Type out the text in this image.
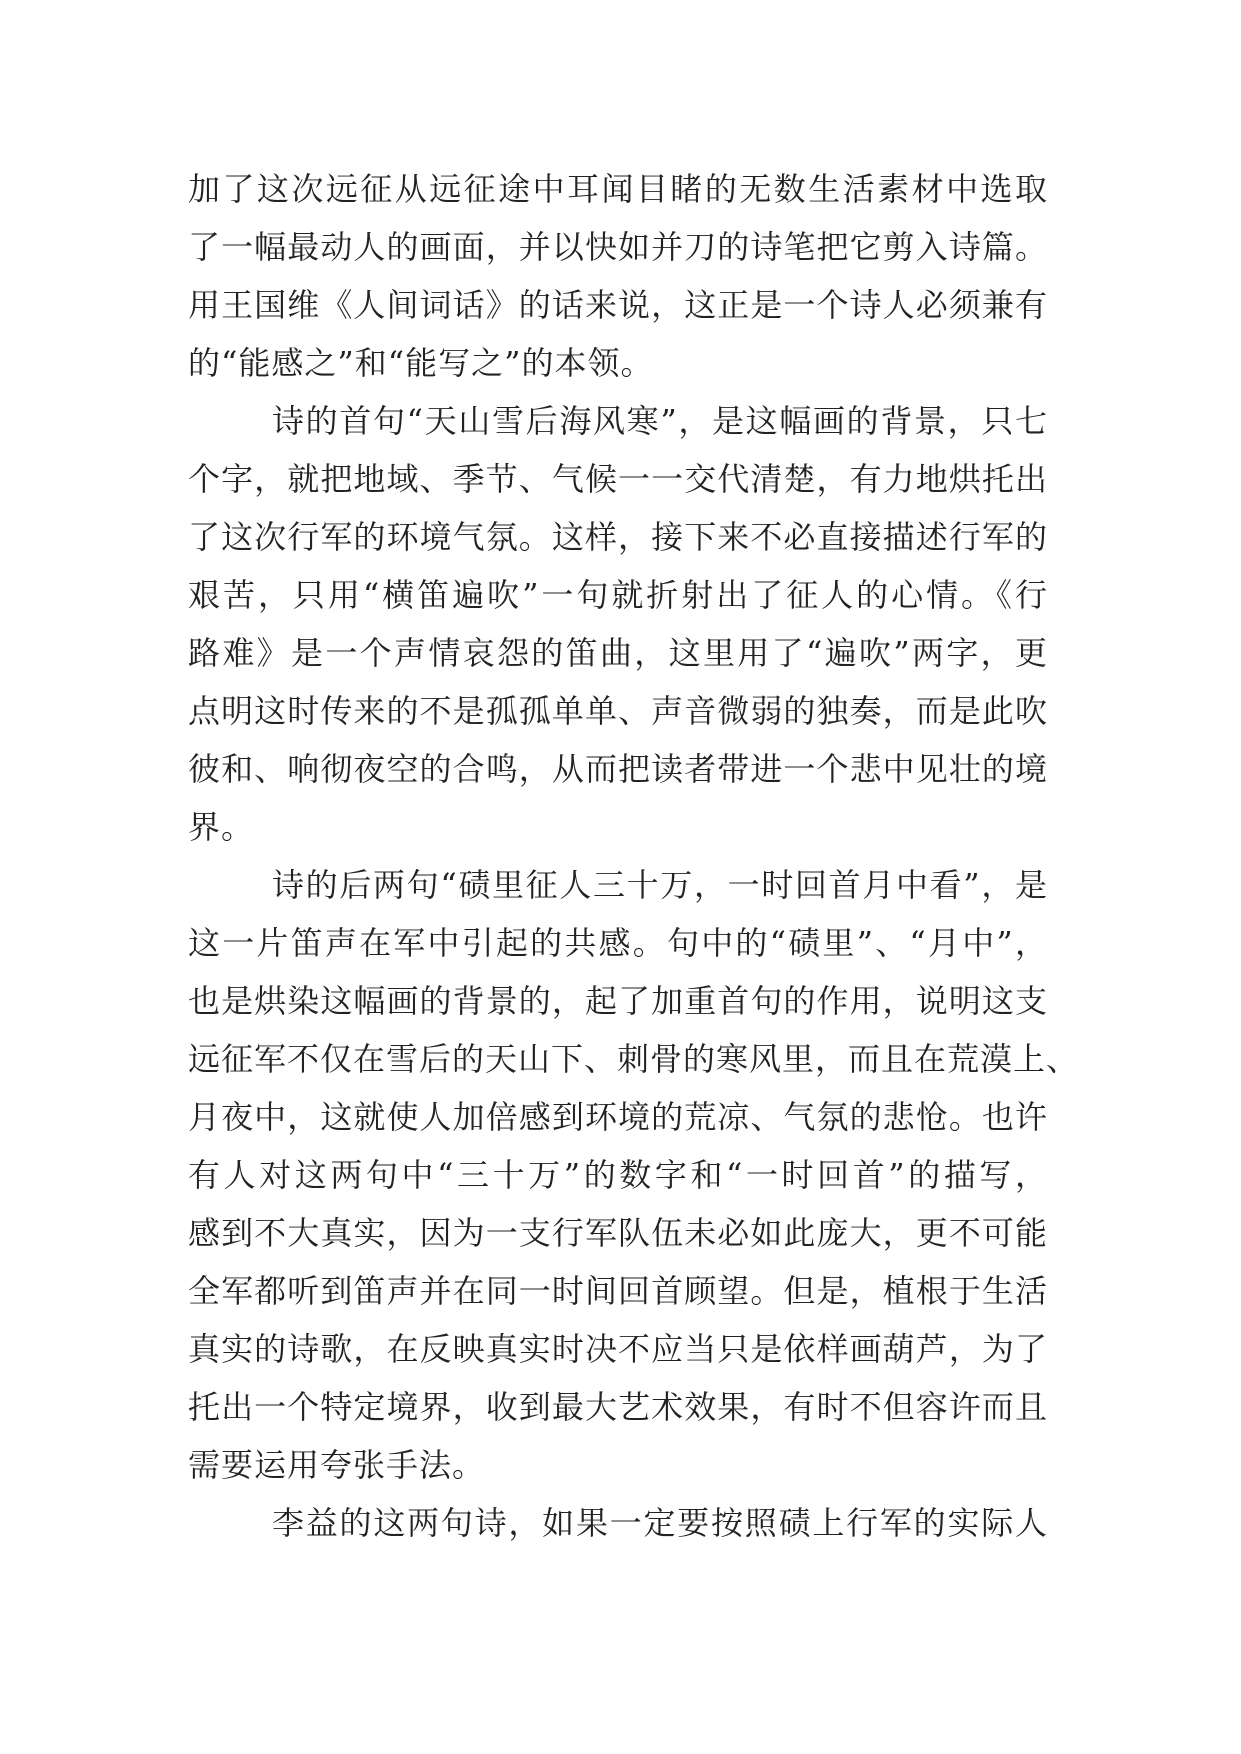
加了这次远征从远征途中耳闻目睹的无数生活素材中选取
了一幅最动人的画面，并以快如并刀的诗笔把它剪入诗篇。
用王国维《人间词话》的话来说，这正是一个诗人必须兼有
的“能感之”和“能写之”的本领。
诗的首句“天山雪后海风寒”，是这幅画的背景，只七
个字，就把地域、季节、气候一一交代清楚，有力地烘托出
了这次行军的环境气氛。这样，接下来不必直接描述行军的
艰苦，只用“横笛遍吹”一句就折射出了征人的心情。《行
路难》是一个声情哀怨的笛曲，这里用了“遍吹”两字，更
点明这时传来的不是孤孤单单、声音微弱的独奏，而是此吹
彼和、响彻夜空的合鸣，从而把读者带进一个悲中见壮的境
界。
诗的后两句“碛里征人三十万，一时回首月中看”，是
这一片笛声在军中引起的共感。句中的“碛里”、“月中”，
也是烘染这幅画的背景的，起了加重首句的作用，说明这支
远征军不仅在雪后的天山下、刺骨的寒风里，而且在荒漠上、
月夜中，这就使人加倍感到环境的荒凉、气氛的悲怆。也许
有人对这两句中“三十万”的数字和“一时回首”的描写，
感到不大真实，因为一支行军队伍未必如此庞大，更不可能
全军都听到笛声并在同一时间回首顾望。但是，植根于生活
真实的诗歌，在反映真实时决不应当只是依样画葫芦，为了
托出一个特定境界，收到最大艺术效果，有时不但容许而且
需要运用夸张手法。
李益的这两句诗，如果一定要按照碛上行军的实际人
